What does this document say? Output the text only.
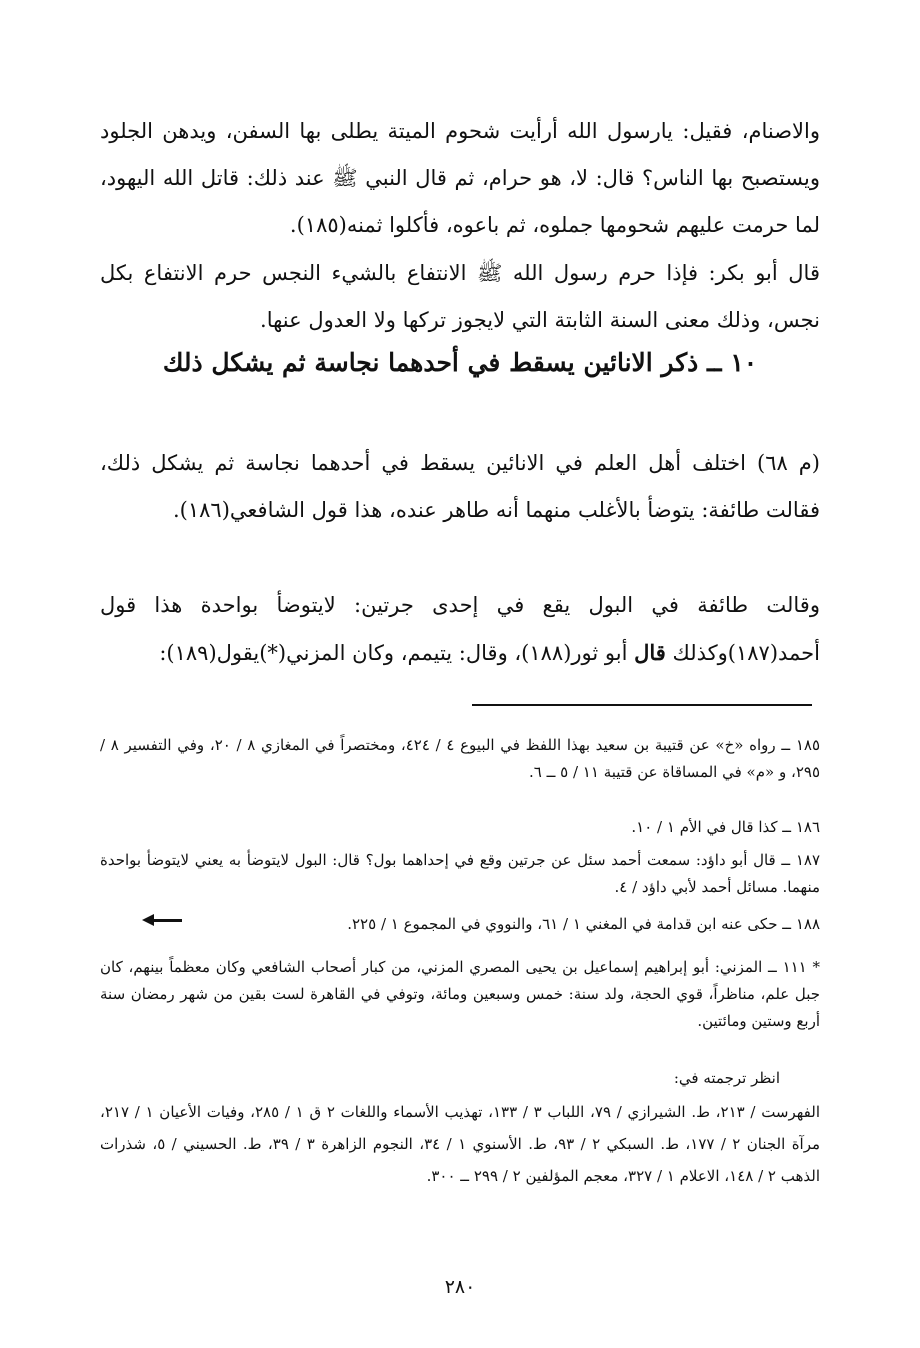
والاصنام، فقيل: يارسول الله أرأيت شحوم الميتة يطلى بها السفن، ويدهن الجلود ويستصبح بها الناس؟ قال: لا، هو حرام، ثم قال النبي ﷺ عند ذلك: قاتل الله اليهود، لما حرمت عليهم شحومها جملوه، ثم باعوه، فأكلوا ثمنه(١٨٥).

قال أبو بكر: فإذا حرم رسول الله ﷺ الانتفاع بالشيء النجس حرم الانتفاع بكل نجس، وذلك معنى السنة الثابتة التي لايجوز تركها ولا العدول عنها.

١٠ ــ ذكر الانائين يسقط في أحدهما نجاسة ثم يشكل ذلك

(م ٦٨) اختلف أهل العلم في الانائين يسقط في أحدهما نجاسة ثم يشكل ذلك، فقالت طائفة: يتوضأ بالأغلب منهما أنه طاهر عنده، هذا قول الشافعي(١٨٦).

وقالت طائفة في البول يقع في إحدى جرتين: لايتوضأ بواحدة هذا قول أحمد(١٨٧)وكذلك قال أبو ثور(١٨٨)، وقال: يتيمم، وكان المزني(*)يقول(١٨٩):

١٨٥ ــ رواه «خ» عن قتيبة بن سعيد بهذا اللفظ في البيوع ٤ / ٤٢٤، ومختصراً في المغازي ٨ / ٢٠، وفي التفسير ٨ / ٢٩٥، و «م» في المساقاة عن قتيبة ١١ / ٥ ــ ٦.

١٨٦ ــ كذا قال في الأم ١ / ١٠.

١٨٧ ــ قال أبو داؤد: سمعت أحمد سئل عن جرتين وقع في إحداهما بول؟ قال: البول لايتوضأ به يعني لايتوضأ بواحدة منهما. مسائل أحمد لأبي داؤد / ٤.

١٨٨ ــ حكى عنه ابن قدامة في المغني ١ / ٦١، والنووي في المجموع ١ / ٢٢٥.

* ١١١ ــ المزني: أبو إبراهيم إسماعيل بن يحيى المصري المزني، من كبار أصحاب الشافعي وكان معظماً بينهم، كان جبل علم، مناظراً، قوي الحجة، ولد سنة: خمس وسبعين ومائة، وتوفي في القاهرة لست بقين من شهر رمضان سنة أربع وستين ومائتين.

انظر ترجمته في:

الفهرست / ٢١٣، ط. الشيرازي / ٧٩، اللباب ٣ / ١٣٣، تهذيب الأسماء واللغات ٢ ق ١ / ٢٨٥، وفيات الأعيان ١ / ٢١٧، مرآة الجنان ٢ / ١٧٧، ط. السبكي ٢ / ٩٣، ط. الأسنوي ١ / ٣٤، النجوم الزاهرة ٣ / ٣٩، ط. الحسيني / ٥، شذرات الذهب ٢ / ١٤٨، الاعلام ١ / ٣٢٧، معجم المؤلفين ٢ / ٢٩٩ ــ ٣٠٠.

٢٨٠
